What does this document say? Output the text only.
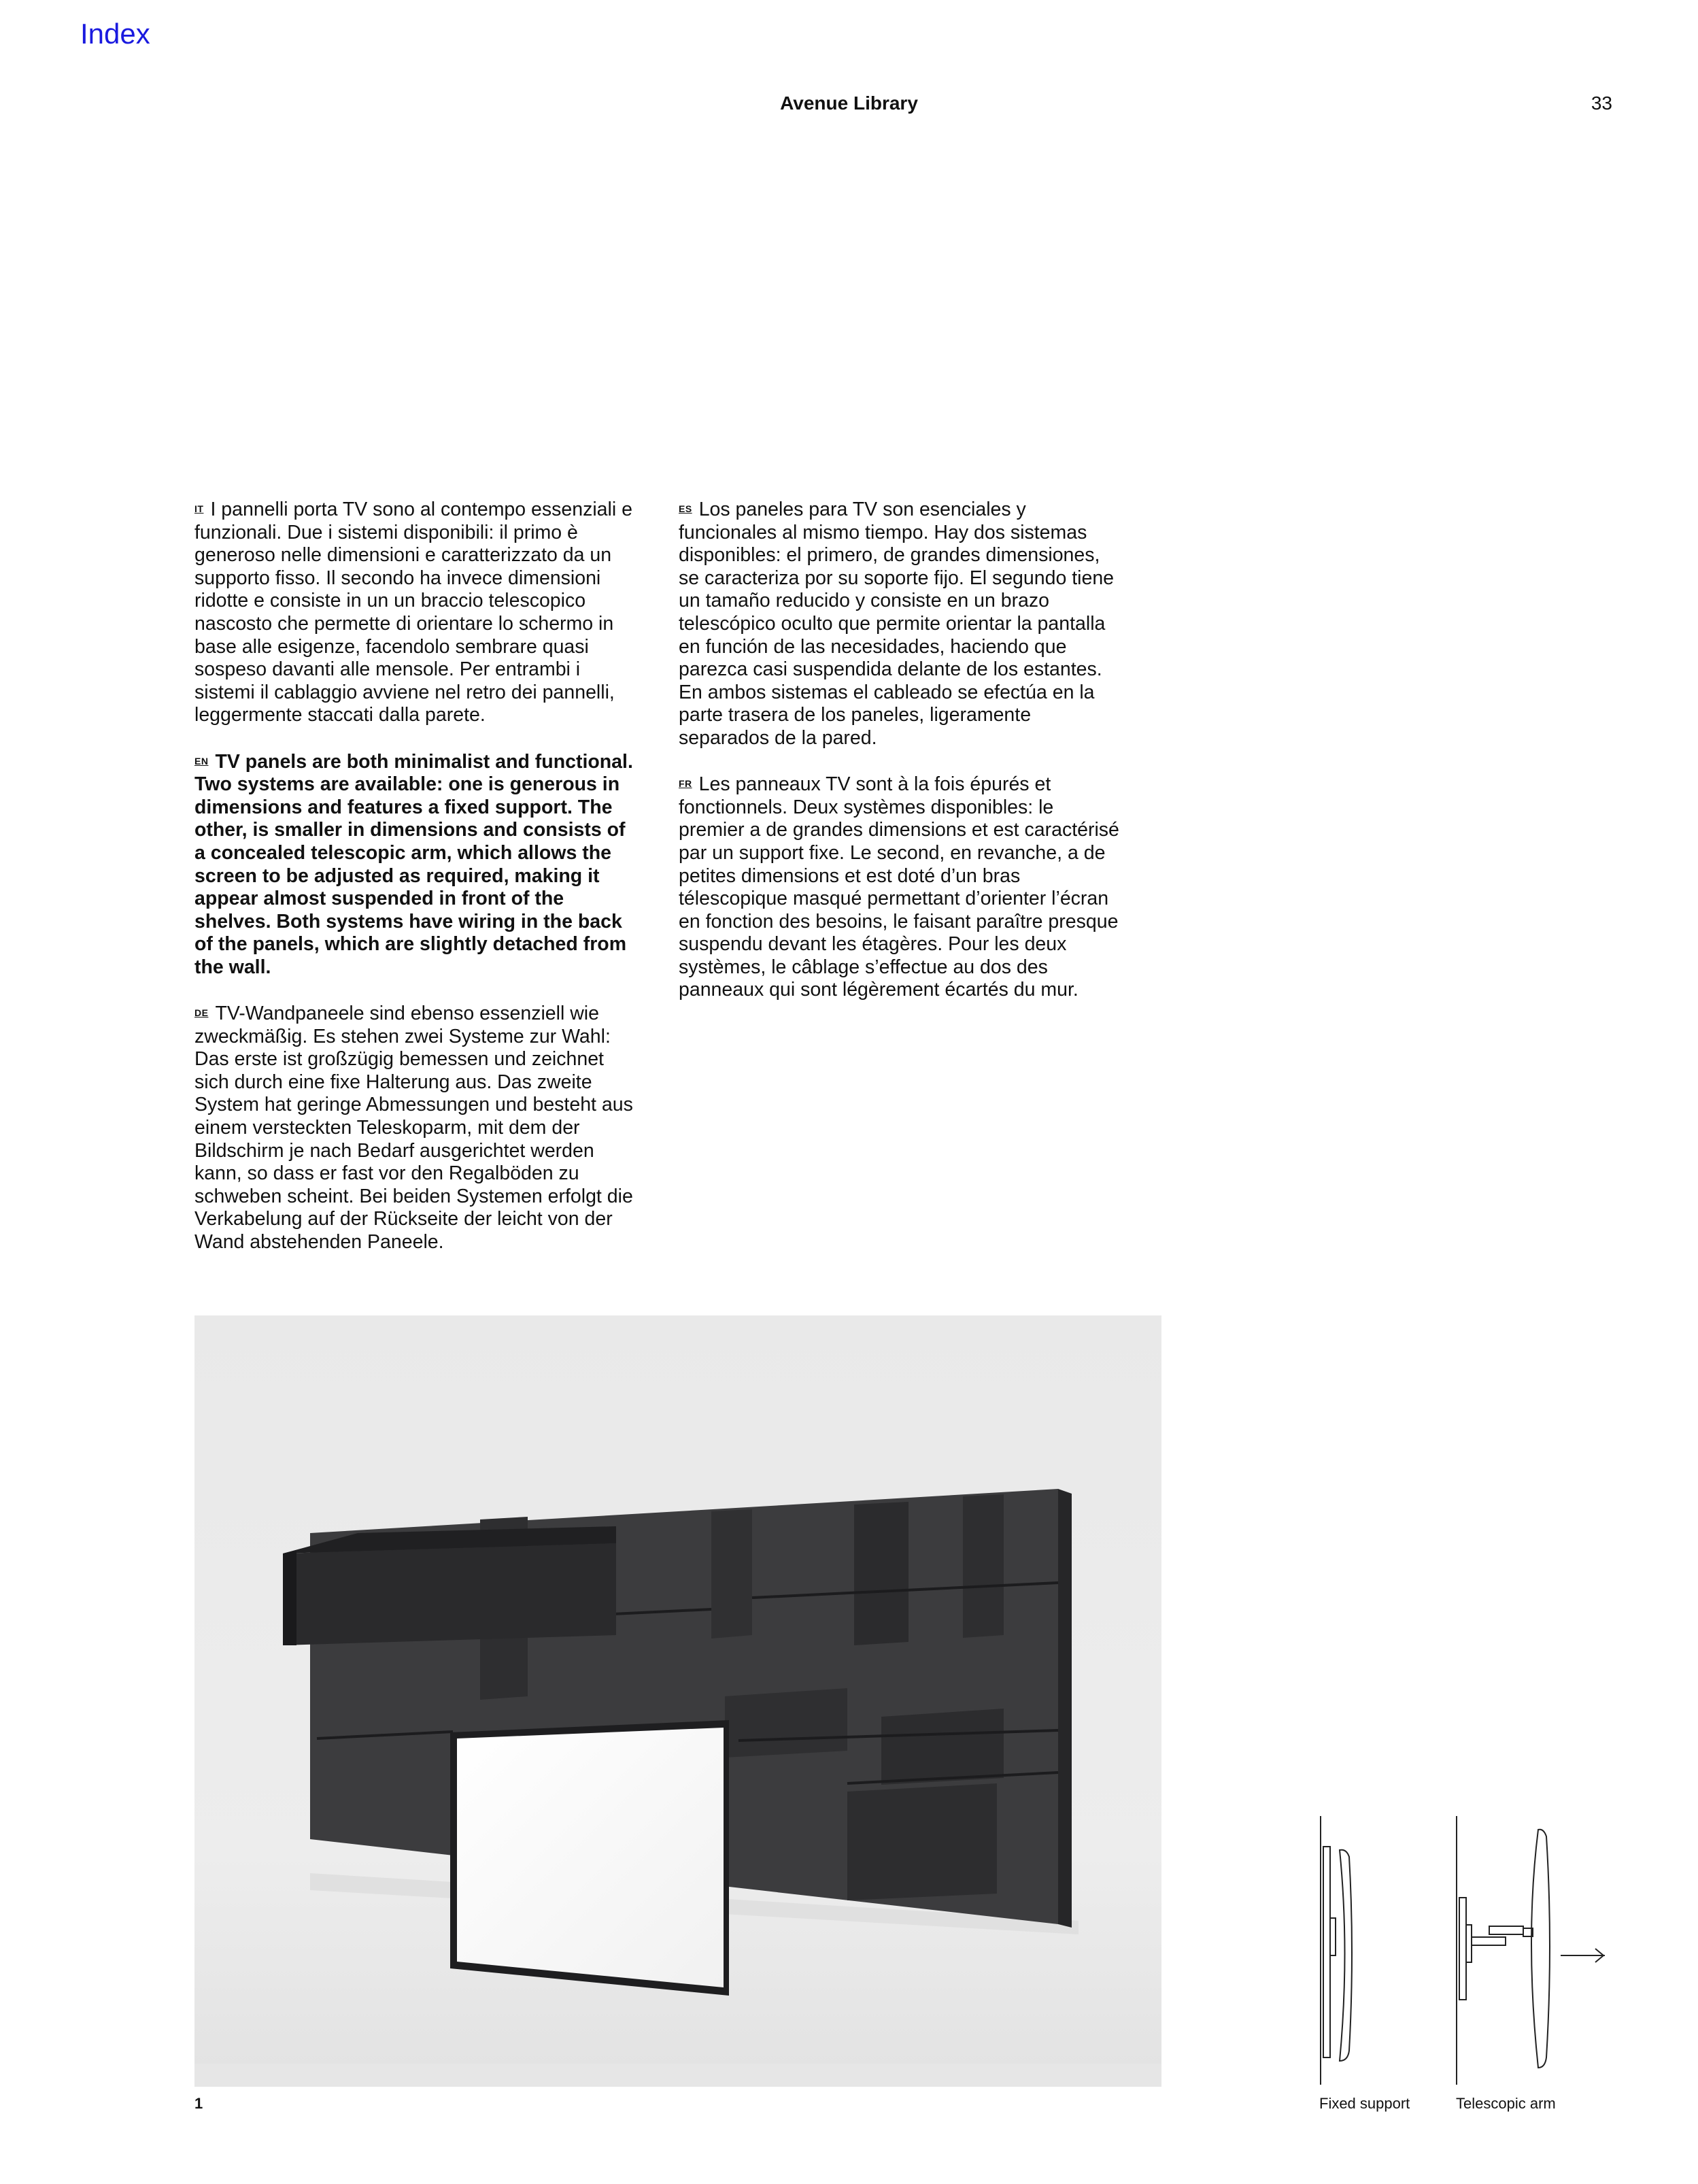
Index
Avenue Library	33

IT I pannelli porta TV sono al contempo essenziali e funzionali. Due i sistemi disponibili: il primo è generoso nelle dimensioni e caratterizzato da un supporto fisso. Il secondo ha invece dimensioni ridotte e consiste in un un braccio telescopico nascosto che permette di orientare lo schermo in base alle esigenze, facendolo sembrare quasi sospeso davanti alle mensole. Per entrambi i sistemi il cablaggio avviene nel retro dei pannelli, leggermente staccati dalla parete.

EN TV panels are both minimalist and functional. Two systems are available: one is generous in dimensions and features a fixed support. The other, is smaller in dimensions and consists of a concealed telescopic arm, which allows the screen to be adjusted as required, making it appear almost suspended in front of the shelves. Both systems have wiring in the back of the panels, which are slightly detached from the wall.

DE TV-Wandpaneele sind ebenso essenziell wie zweckmäßig. Es stehen zwei Systeme zur Wahl: Das erste ist großzügig bemessen und zeichnet sich durch eine fixe Halterung aus. Das zweite System hat geringe Abmessungen und besteht aus einem versteckten Teleskoparm, mit dem der Bildschirm je nach Bedarf ausgerichtet werden kann, so dass er fast vor den Regalböden zu schweben scheint. Bei beiden Systemen erfolgt die Verkabelung auf der Rückseite der leicht von der Wand abstehenden Paneele.

ES Los paneles para TV son esenciales y funcionales al mismo tiempo. Hay dos sistemas disponibles: el primero, de grandes dimensiones, se caracteriza por su soporte fijo. El segundo tiene un tamaño reducido y consiste en un brazo telescópico oculto que permite orientar la pantalla en función de las necesidades, haciendo que parezca casi suspendida delante de los estantes. En ambos sistemas el cableado se efectúa en la parte trasera de los paneles, ligeramente separados de la pared.

FR Les panneaux TV sont à la fois épurés et fonctionnels. Deux systèmes disponibles: le premier a de grandes dimensions et est caractérisé par un support fixe. Le second, en revanche, a de petites dimensions et est doté d’un bras télescopique masqué permettant d’orienter l’écran en fonction des besoins, le faisant paraître presque suspendu devant les étagères. Pour les deux systèmes, le câblage s’effectue au dos des panneaux qui sont légèrement écartés du mur.

1	Fixed support	Telescopic arm
